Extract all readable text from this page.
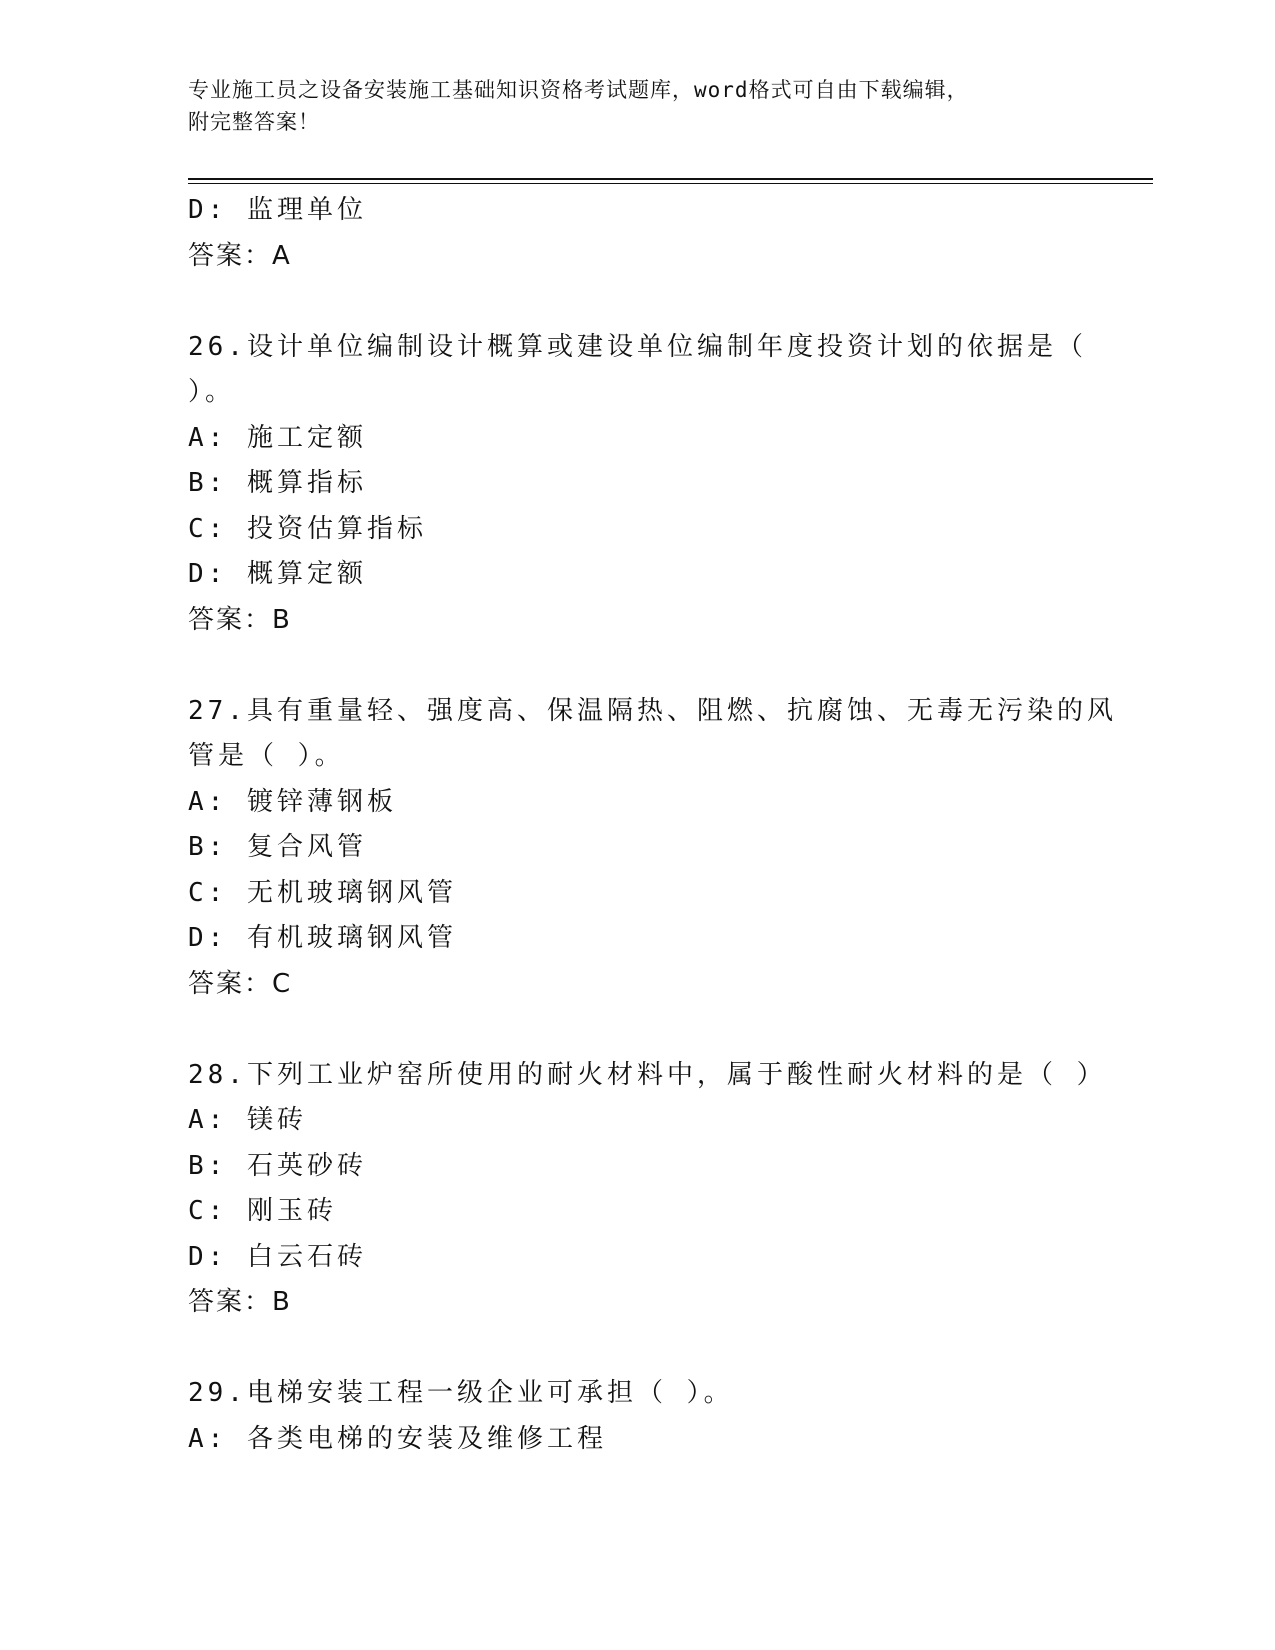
专业施工员之设备安装施工基础知识资格考试题库，word格式可自由下载编辑，
附完整答案！
D: 监理单位
答案：A
26.设计单位编制设计概算或建设单位编制年度投资计划的依据是（
）。
A: 施工定额
B: 概算指标
C: 投资估算指标
D: 概算定额
答案：B
27.具有重量轻、强度高、保温隔热、阻燃、抗腐蚀、无毒无污染的风
管是（ ）。
A: 镀锌薄钢板
B: 复合风管
C: 无机玻璃钢风管
D: 有机玻璃钢风管
答案：C
28.下列工业炉窑所使用的耐火材料中，属于酸性耐火材料的是（ ）
A: 镁砖
B: 石英砂砖
C: 刚玉砖
D: 白云石砖
答案：B
29.电梯安装工程一级企业可承担（ ）。
A: 各类电梯的安装及维修工程
